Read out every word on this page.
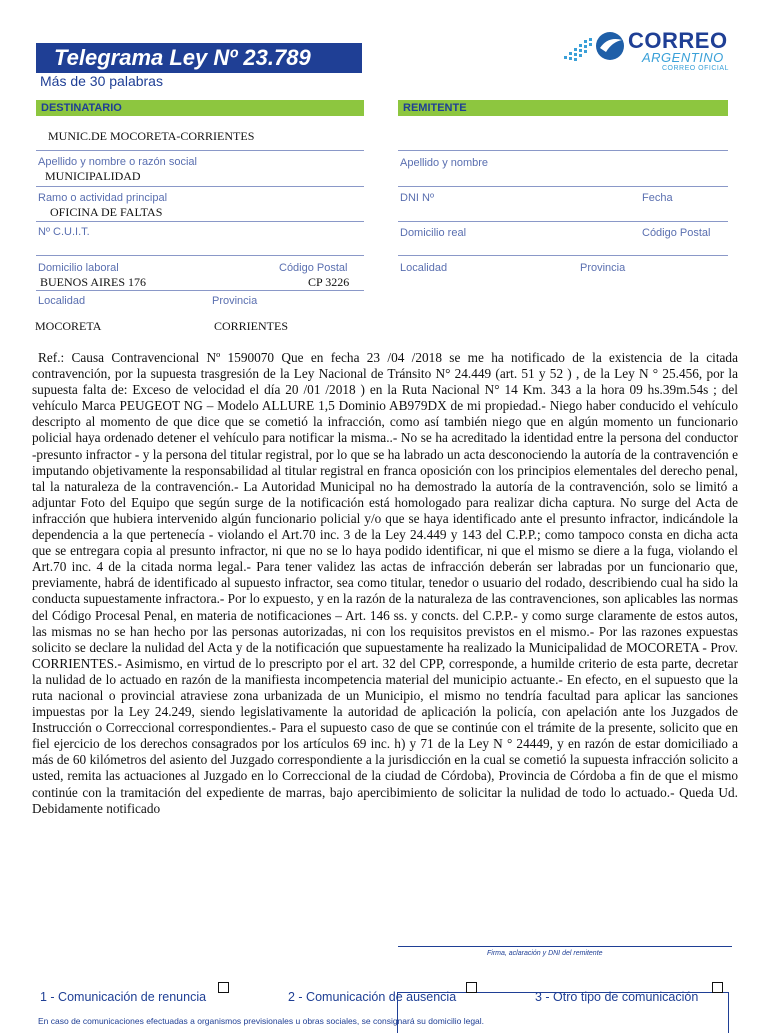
Telegrama Ley Nº 23.789
Más de 30 palabras
CORREO
ARGENTINO
CORREO OFICIAL
DESTINATARIO
MUNIC.DE MOCORETA-CORRIENTES
Apellido y nombre o razón social
MUNICIPALIDAD
Ramo o actividad principal
OFICINA DE FALTAS
Nº C.U.I.T.
Domicilio laboral	Código Postal
BUENOS AIRES 176	CP 3226
Localidad	Provincia
MOCORETA	CORRIENTES
REMITENTE
Apellido y nombre
DNI Nº	Fecha
Domicilio real	Código Postal
Localidad	Provincia

Ref.: Causa Contravencional Nº 1590070 Que en fecha 23 /04 /2018 se me ha notificado de la existencia de la citada contravención, por la supuesta trasgresión de la Ley Nacional de Tránsito N° 24.449 (art. 51 y 52 ) , de la Ley N ° 25.456, por la supuesta falta de: Exceso de velocidad el día 20 /01 /2018 ) en la Ruta Nacional N° 14 Km. 343 a la hora 09 hs.39m.54s ; del vehículo Marca PEUGEOT NG – Modelo ALLURE 1,5 Dominio AB979DX de mi propiedad.- Niego haber conducido el vehículo descripto al momento de que dice que se cometió la infracción, como así también niego que en algún momento un funcionario policial haya ordenado detener el vehículo para notificar la misma..- No se ha acreditado la identidad entre la persona del conductor -presunto infractor - y la persona del titular registral, por lo que se ha labrado un acta desconociendo la autoría de la contravención e imputando objetivamente la responsabilidad al titular registral en franca oposición con los principios elementales del derecho penal, tal la naturaleza de la contravención.- La Autoridad Municipal no ha demostrado la autoría de la contravención, solo se limitó a adjuntar Foto del Equipo que según surge de la notificación está homologado para realizar dicha captura. No surge del Acta de infracción que hubiera intervenido algún funcionario policial y/o que se haya identificado ante el presunto infractor, indicándole la dependencia a la que pertenecía - violando el Art.70 inc. 3 de la Ley 24.449 y 143 del C.P.P.; como tampoco consta en dicha acta que se entregara copia al presunto infractor, ni que no se lo haya podido identificar, ni que el mismo se diere a la fuga, violando el Art.70 inc. 4 de la citada norma legal.- Para tener validez las actas de infracción deberán ser labradas por un funcionario que, previamente, habrá de identificado al supuesto infractor, sea como titular, tenedor o usuario del rodado, describiendo cual ha sido la conducta supuestamente infractora.- Por lo expuesto, y en la razón de la naturaleza de las contravenciones, son aplicables las normas del Código Procesal Penal, en materia de notificaciones – Art. 146 ss. y concts. del C.P.P.- y como surge claramente de estos autos, las mismas no se han hecho por las personas autorizadas, ni con los requisitos previstos en el mismo.- Por las razones expuestas solicito se declare la nulidad del Acta y de la notificación que supuestamente ha realizado la Municipalidad de MOCORETA - Prov. CORRIENTES.- Asimismo, en virtud de lo prescripto por el art. 32 del CPP, corresponde, a humilde criterio de esta parte, decretar la nulidad de lo actuado en razón de la manifiesta incompetencia material del municipio actuante.- En efecto, en el supuesto que la ruta nacional o provincial atraviese zona urbanizada de un Municipio, el mismo no tendría facultad para aplicar las sanciones impuestas por la Ley 24.249, siendo legislativamente la autoridad de aplicación la policía, con apelación ante los Juzgados de Instrucción o Correccional correspondientes.- Para el supuesto caso de que se continúe con el trámite de la presente, solicito que en fiel ejercicio de los derechos consagrados por los artículos 69 inc. h) y 71 de la Ley N ° 24449, y en razón de estar domiciliado a más de 60 kilómetros del asiento del Juzgado correspondiente a la jurisdicción en la cual se cometió la supuesta infracción solicito a usted, remita las actuaciones al Juzgado en lo Correccional de la ciudad de Córdoba), Provincia de Córdoba a fin de que el mismo continúe con la tramitación del expediente de marras, bajo apercibimiento de solicitar la nulidad de todo lo actuado.- Queda Ud. Debidamente notificado

Firma, aclaración y DNI del remitente
1 - Comunicación de renuncia	2 - Comunicación de ausencia	3 - Otro tipo de comunicación
En caso de comunicaciones efectuadas a organismos previsionales u obras sociales, se consignará su domicilio legal.
